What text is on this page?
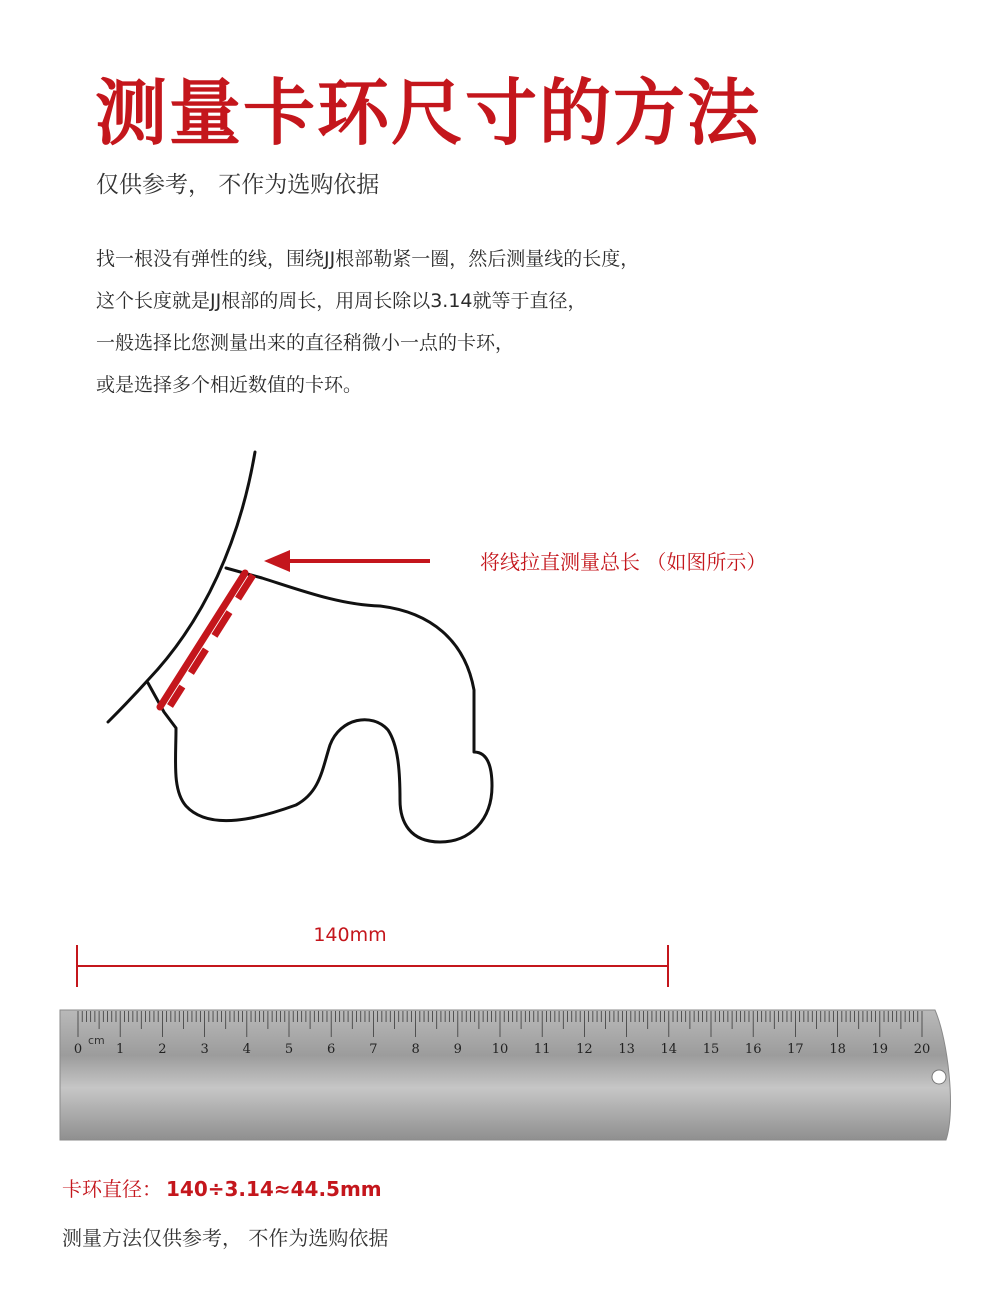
测量卡环尺寸的方法
仅供参考， 不作为选购依据
找一根没有弹性的线，围绕JJ根部勒紧一圈，然后测量线的长度，
这个长度就是JJ根部的周长，用周长除以3.14就等于直径，
一般选择比您测量出来的直径稍微小一点的卡环，
或是选择多个相近数值的卡环。
将线拉直测量总长 （如图所示）
140mm
0	1	2	3	4	5	6	7	8	9 10 11 12 13 14 15 16 17 18 19 20
cm
卡环直径： 140÷3.14≈44.5mm
测量方法仅供参考， 不作为选购依据
